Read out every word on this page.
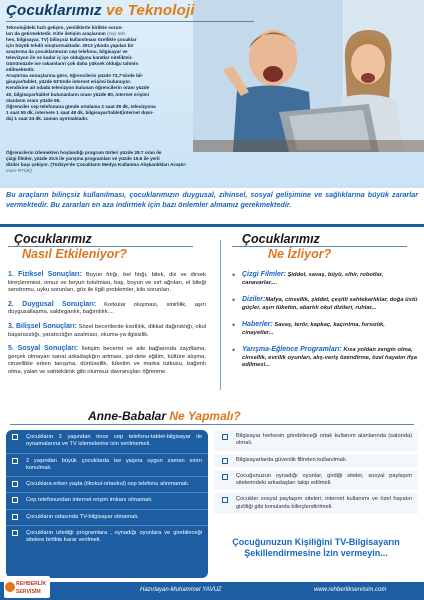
Çocuklarımız ve Teknoloji

Teknolojideki hızlı gelişim, yeniliklerle birlikte sorun-

ları da getirmektedir. Kitle iletişim araçlarının (cep tele-

hes, bilgisayar, TV) bilinçsiz kullanılması özellikle çocuklar

için büyük tehdit oluşturmaktadır. 2013 yılında yapılan bir

araştırma da çocuklarımızın cep telefonu, bilgisayar ve

televizyon ile ne kadar iç içe olduğunu kanıtlar nitelikteir.

Günümüzde ise rakamların çok daha yüksek olduğu tahmin

edilmektedir.

Araştırma sonuçlarına göre, öğrencilerin yüzde 73,7'sinde bil-

gisayar/tablet, yüzde 63'ünde internet erişimi bulunuyor.

Kendisine ait odada televizyon bulunan öğrencilerin oranı yüzde

40, bilgisayar/tablet bulunanların oranı yüzde 80, internet erişimi

olanların oranı yüzde 65.

Öğrenciler cep telefonuna günde ortalama 2 saat 39 dk, televizyona

1 saat 55 dk, internete 1 saat 48 dk, bilgisayar/tablet(internet dışın-

da) 1 saat 34 dk. zaman ayırmaktadır.

Öğrencilerin izlemekten hoşlandığı program türleri yüzde 28.7 oran ile

çizgi filmler, yüzde 20.5 ile yarışma programları ve yüzde 15.6 ile yerli

diziler başı çekiyor. (Türkiye'de Çocukların Medya Kullanma Alışkanlıkları Araştır-

ması-RTÜK)

Bu araçların bilinçsiz kullanılması, çocuklarımızın duygusal, zihinsel, sosyal gelişimine ve sağlıklarına büyük zararlar vermektedir. Bu zararları en aza indirmek için bazı önlemler almamız gerekmektedir.

Çocuklarımız

Nasıl Etkileniyor?

1. Fiziksel Sonuçları: Boyun fıtığı, bel fıtığı, bilek, diz ve dirsek kireçlenmesi, omuz ve boyun tutulması, baş, boyun ve sırt ağrıları, el bileği sendromu, uyku sorunları, göz ile ilgili problemler, kilo sorunları.

2. Duygusal Sonuçları: Korkular oluşması, sinirlilik, aşırı duygusallaşma, saldırganlık, bağımlılık....

3. Bilişsel Sonuçları: Sözel becerilerde kısıtlılık, dikkat dağınıklığı, okul başarısızlığı, yaratıcılığın azalması, okuma-ya ilgisizlik.

5. Sosyal Sonuçları: İletişim becerisi ve aile bağlarında zayıflama, gerçek olmayan sanal arkadaşlığın artması, şid-dete eğilim, kültüre alışma, cinsellikle erken tanışma, dürtüsellik, tüketim ve marka tutkusu, bağımlı olma, yalan ve sahtekârlık gibi olumsuz davranışları öğrenme.

Çocuklarımız

Ne İzliyor?

• Çizgi Filmler: Şiddet, savaş, büyü, sihir, robotlar, canavarlar....
• Diziler:Mafya, cinsellik, şiddet, çeşitli sahtekarlıklar, doğa üstü güçler, aşırı tüketim, abartılı okul dizileri, ruhlar...
• Haberler: Savaş, terör, kapkaç, kaçırılma, hırsızlık, cinayetler...
• Yarışma-Eğlence Programları: Kısa yoldan zengin olma, cinsellik, evcilik oyunları, alış-veriş özendirme, özel hayatın ifşa edilmesi...
Anne-Babalar Ne Yapmalı?
Çocukların 2 yaşından önce cep telefonu-tablet-bilgisayar ile oynamalarına ve TV izlemelerine izin verilmemeli.
2 yaşından büyük çocuklarda ise yaşına uygun zaman sınırı konulmalı.
Çocuklara erken yaşta (ilkokul-ortaokul) cep telefonu alınmamalı.
Cep telefonundan internet erişim imkanı olmamalı.
Çocukların odasında TV-bilgisayar olmamalı.
Çocukların izlediği programlara , oynadığı oyunlara ve girebileceği sitelere birlikte karar verilmeli.
Bilgisayar herkesin görebileceği ortak kullanım alanlarında (salonda) olmalı.
Bilgisayarlarda güvenlik filtreleri kullanılmalı.
Çocuğunuzun oynadığı oyunlar, girdiği siteler, sosyal paylaşım sitelerindeki arkadaşları takip edilmeli.
Çocukler sosyal paylaşım siteleri, internet kullanımı ve özel hayatın gizliliği gibi konularda bilinçlendirilmeli.

Çocuğunuzun Kişiliğini TV-Bilgisayarın Şekillendirmesine İzin vermeyin...

REHBERLİK
SERVİSİM	Hazırlayan-Muhammet YAVUZ	www.rehberlikservisim.com
